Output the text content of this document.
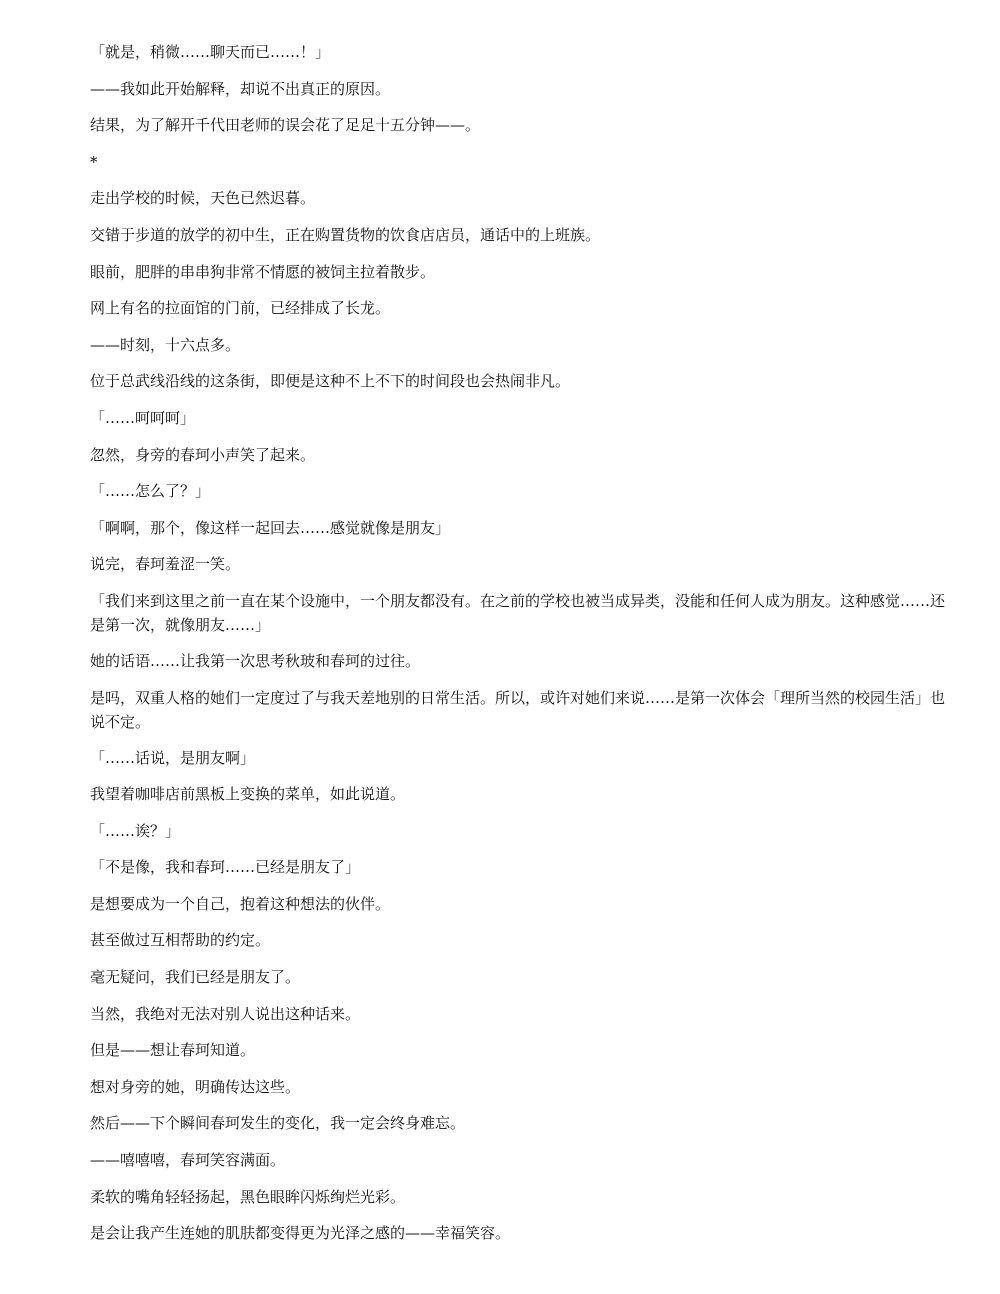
「就是，稍微……聊天而已……！」

——我如此开始解释，却说不出真正的原因。

结果，为了解开千代田老师的误会花了足足十五分钟——。

*

走出学校的时候，天色已然迟暮。

交错于步道的放学的初中生，正在购置货物的饮食店店员，通话中的上班族。

眼前，肥胖的串串狗非常不情愿的被饲主拉着散步。

网上有名的拉面馆的门前，已经排成了长龙。

——时刻，十六点多。

位于总武线沿线的这条街，即便是这种不上不下的时间段也会热闹非凡。

「……呵呵呵」

忽然，身旁的春珂小声笑了起来。

「……怎么了？」

「啊啊，那个，像这样一起回去……感觉就像是朋友」

说完，春珂羞涩一笑。

「我们来到这里之前一直在某个设施中，一个朋友都没有。在之前的学校也被当成异类，没能和任何人成为朋友。这种感觉……还是第一次，就像朋友……」

她的话语……让我第一次思考秋玻和春珂的过往。

是吗，双重人格的她们一定度过了与我天差地别的日常生活。所以，或许对她们来说……是第一次体会「理所当然的校园生活」也说不定。

「……话说，是朋友啊」

我望着咖啡店前黑板上变换的菜单，如此说道。

「……诶？」

「不是像，我和春珂……已经是朋友了」

是想要成为一个自己，抱着这种想法的伙伴。

甚至做过互相帮助的约定。

毫无疑问，我们已经是朋友了。

当然，我绝对无法对别人说出这种话来。

但是——想让春珂知道。

想对身旁的她，明确传达这些。

然后——下个瞬间春珂发生的变化，我一定会终身难忘。

——嘻嘻嘻，春珂笑容满面。

柔软的嘴角轻轻扬起，黑色眼眸闪烁绚烂光彩。

是会让我产生连她的肌肤都变得更为光泽之感的——幸福笑容。
